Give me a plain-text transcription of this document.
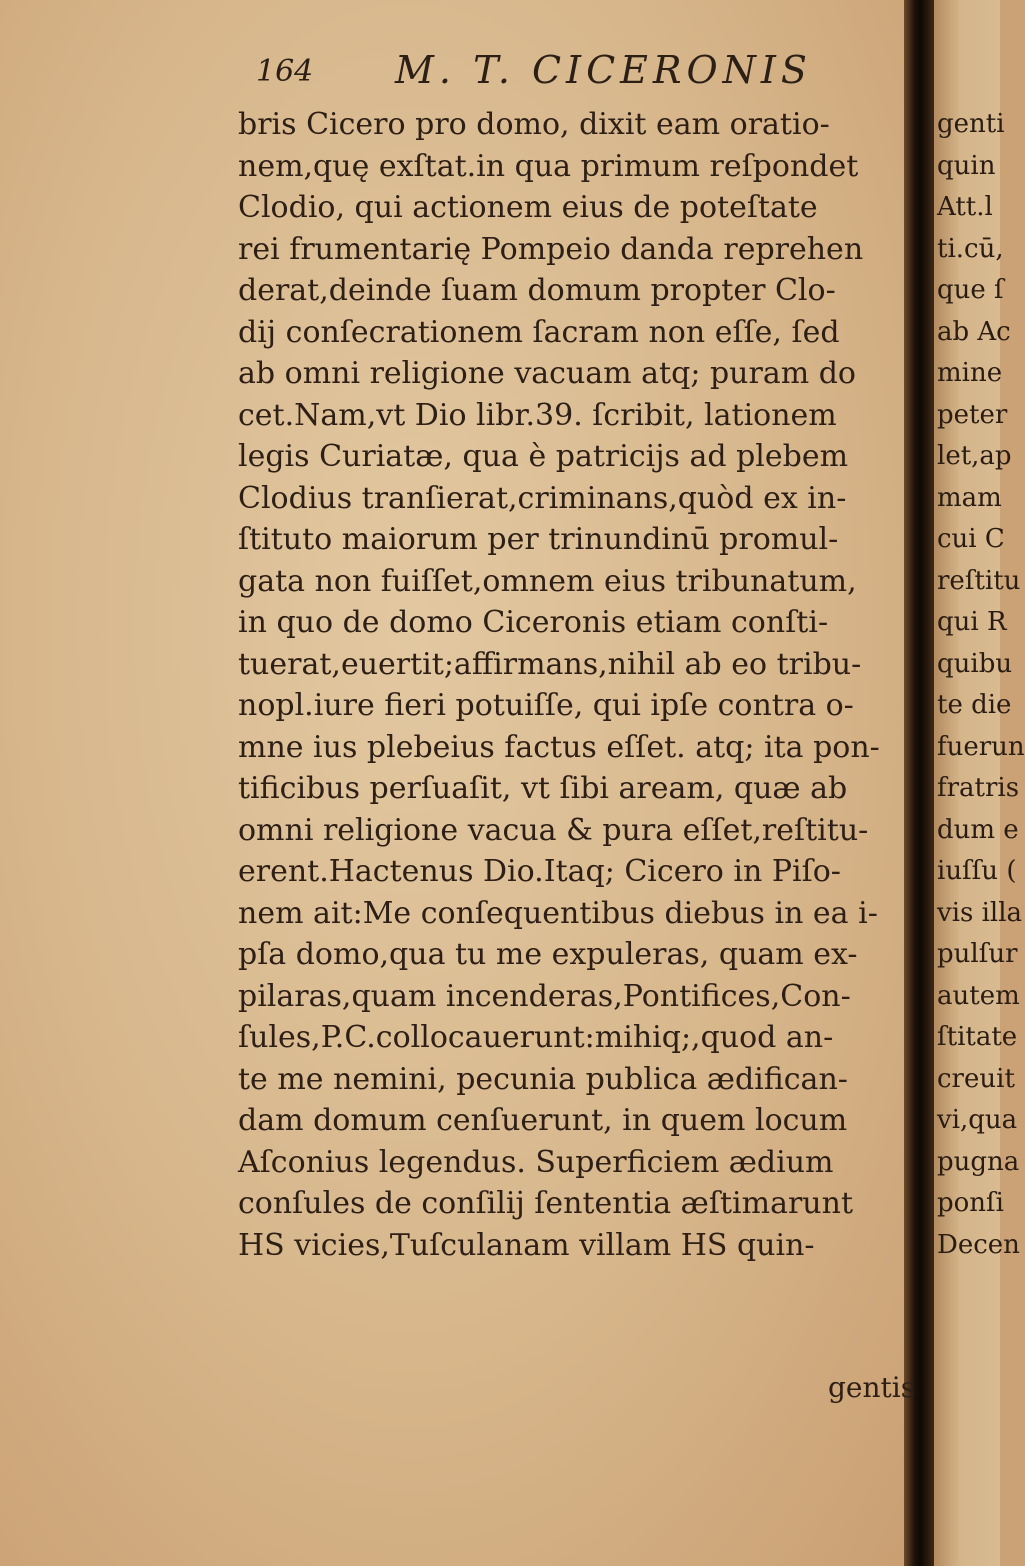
164 M. T. CICERONIS
bris Cicero pro domo, dixit eam oratio-
nem,quę exſtat.in qua primum reſpondet
Clodio, qui actionem eius de poteſtate
rei frumentarię Pompeio danda reprehen
derat,deinde ſuam domum propter Clo-
dij conſecrationem ſacram non eſſe, ſed
ab omni religione vacuam atq; puram do
cet.Nam,vt Dio libr.39. ſcribit, lationem
legis Curiatæ, qua è patricijs ad plebem
Clodius tranſierat,criminans,quòd ex in-
ſtituto maiorum per trinundinū promul-
gata non fuiſſet,omnem eius tribunatum,
in quo de domo Ciceronis etiam conſti-
tuerat,euertit;affirmans,nihil ab eo tribu-
nopl.iure fieri potuiſſe, qui ipſe contra o-
mne ius plebeius factus eſſet. atq; ita pon-
tificibus perſuaſit, vt ſibi aream, quæ ab
omni religione vacua & pura eſſet,reſtitu-
erent.Hactenus Dio.Itaq; Cicero in Piſo-
nem ait:Me conſequentibus diebus in ea i-
pſa domo,qua tu me expuleras, quam ex-
pilaras,quam incenderas,Pontifices,Con-
ſules,P.C.collocauerunt:mihiq;,quod an-
te me nemini, pecunia publica ædifican-
dam domum cenſuerunt, in quem locum
Aſconius legendus. Superficiem ædium
conſules de conſilij ſententia æſtimarunt
HS vicies,Tuſculanam villam HS quin-
gentis
genti
quin
Att.l
ti.cū,
que ſ
ab Ac
mine
peter
let,ap
mam
cui C
reſtitu
qui R
quibu
te die
fuerun
fratris
dum e
iuſſu (
vis illa
pulſur
autem
ſtitate
creuit
vi,qua
pugna
ponſi
Decen
